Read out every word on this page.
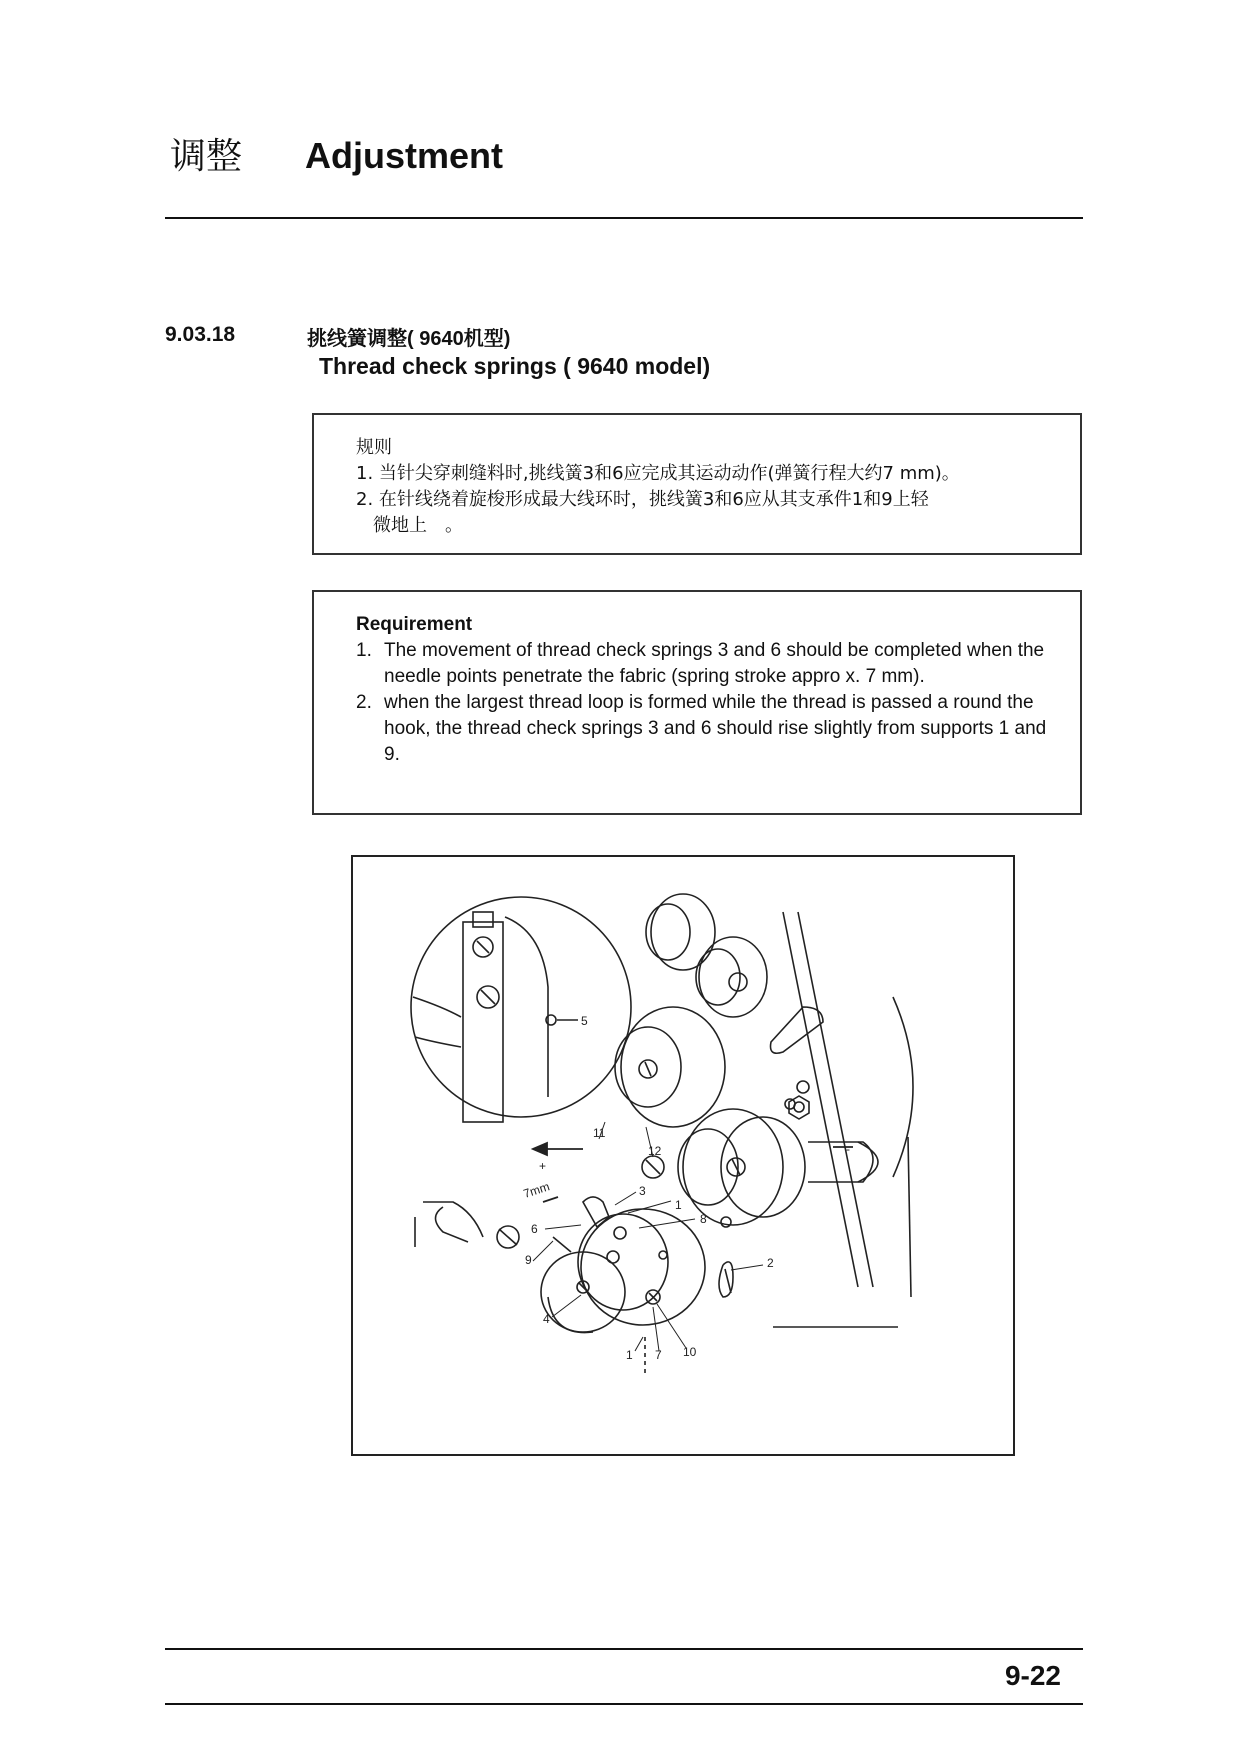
调整	Adjustment
9.03.18	挑线簧调整( 9640机型)
Thread check springs ( 9640 model)
规则
1. 当针尖穿刺缝料时,挑线簧3和6应完成其运动动作(弹簧行程大约7 mm)。
2. 在针线绕着旋梭形成最大线环时，挑线簧3和6应从其支承件1和9上轻
微地上　。
Requirement
1. The movement of thread check springs 3 and 6 should be completed when the needle points penetrate the fabric (spring stroke appro x. 7 mm).
2. when the largest thread loop is formed while the thread is passed a round the hook, the thread check springs 3 and 6 should rise slightly from supports 1 and 9.
5
11
12
+
-
7mm	3
1
8
6
9	2
4
1 7 10
9-22
